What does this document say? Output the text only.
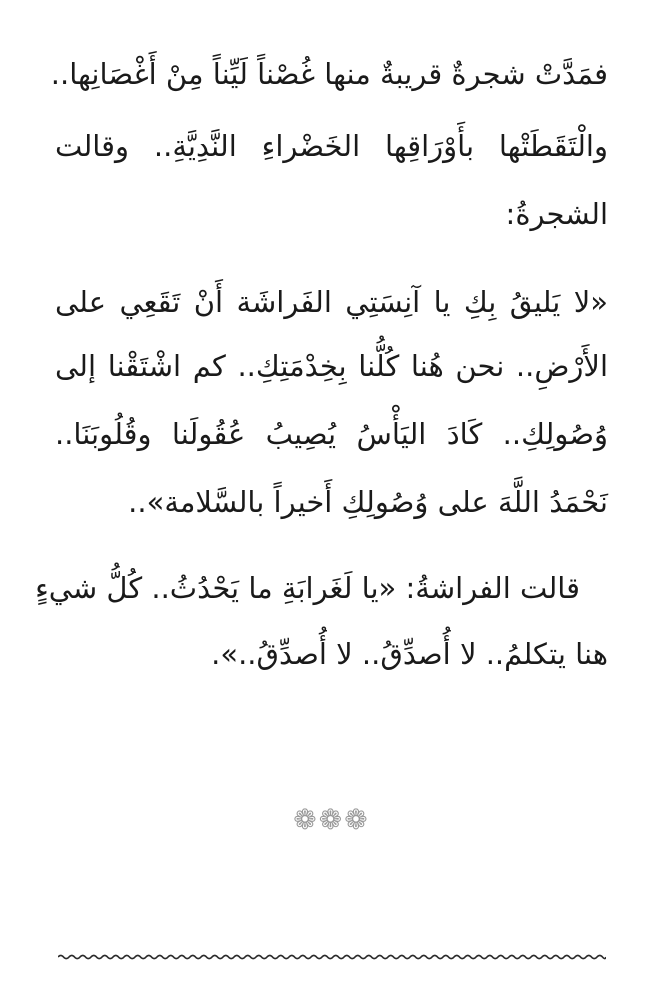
فمَدَّتْ شجرةٌ قريبةٌ منها غُصْناً لَيِّناً مِنْ أَغْصَانِها..
والْتَقَطَتْها بأَوْرَاقِها الخَضْراءِ النَّدِيَّةِ.. وقالت
الشجرةُ:
«لا يَليقُ بِكِ يا آنِسَتِي الفَراشَة أَنْ تَقَعِي على
الأَرْضِ.. نحن هُنا كُلُّنا بِخِدْمَتِكِ.. كم اشْتَقْنا إلى
وُصُولِكِ.. كَادَ اليَأْسُ يُصِيبُ عُقُولَنا وقُلُوبَنَا..
نَحْمَدُ اللَّهَ على وُصُولِكِ أَخيراً بالسَّلامة»..
قالت الفراشةُ: «يا لَغَرابَةِ ما يَحْدُثُ.. كُلُّ شيءٍ
هنا يتكلمُ.. لا أُصدِّقُ.. لا أُصدِّقُ..».
❁❁❁
